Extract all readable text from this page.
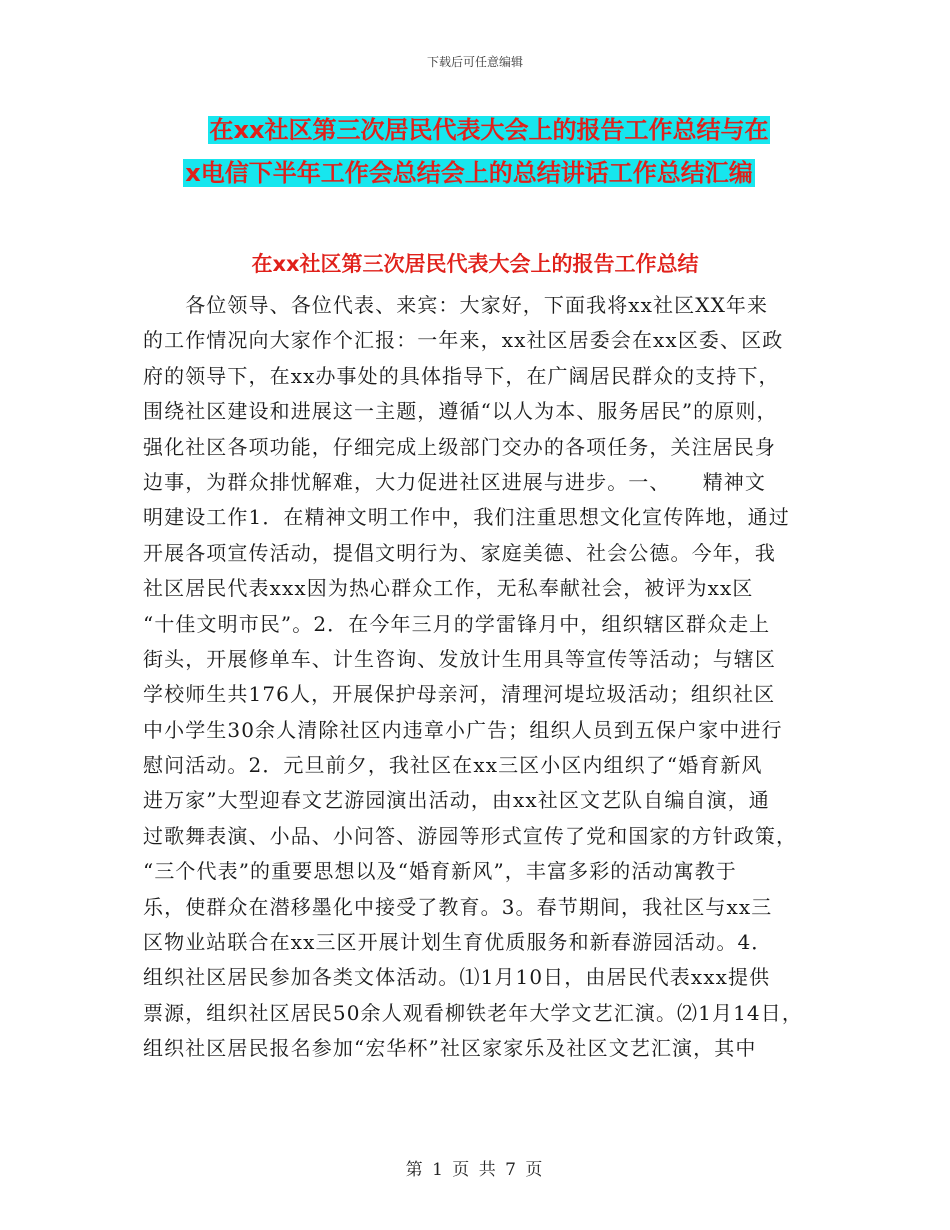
下载后可任意编辑
在xx社区第三次居民代表大会上的报告工作总结与在
x电信下半年工作会总结会上的总结讲话工作总结汇编
在xx社区第三次居民代表大会上的报告工作总结
　　各位领导、各位代表、来宾：大家好，下面我将xx社区XX年来
的工作情况向大家作个汇报：一年来，xx社区居委会在xx区委、区政
府的领导下，在xx办事处的具体指导下，在广阔居民群众的支持下，
围绕社区建设和进展这一主题，遵循“以人为本、服务居民”的原则，
强化社区各项功能，仔细完成上级部门交办的各项任务，关注居民身
边事，为群众排忧解难，大力促进社区进展与进步。一、　　精神文
明建设工作1．在精神文明工作中，我们注重思想文化宣传阵地，通过
开展各项宣传活动，提倡文明行为、家庭美德、社会公德。今年，我
社区居民代表xxx因为热心群众工作，无私奉献社会，被评为xx区
“十佳文明市民”。2．在今年三月的学雷锋月中，组织辖区群众走上
街头，开展修单车、计生咨询、发放计生用具等宣传等活动；与辖区
学校师生共176人，开展保护母亲河，清理河堤垃圾活动；组织社区
中小学生30余人清除社区内违章小广告；组织人员到五保户家中进行
慰问活动。2．元旦前夕，我社区在xx三区小区内组织了“婚育新风
进万家”大型迎春文艺游园演出活动，由xx社区文艺队自编自演，通
过歌舞表演、小品、小问答、游园等形式宣传了党和国家的方针政策，
“三个代表”的重要思想以及“婚育新风”，丰富多彩的活动寓教于
乐，使群众在潜移墨化中接受了教育。3。春节期间，我社区与xx三
区物业站联合在xx三区开展计划生育优质服务和新春游园活动。4．
组织社区居民参加各类文体活动。⑴1月10日，由居民代表xxx提供
票源，组织社区居民50余人观看柳铁老年大学文艺汇演。⑵1月14日，
组织社区居民报名参加“宏华杯”社区家家乐及社区文艺汇演，其中
第 1 页 共 7 页
